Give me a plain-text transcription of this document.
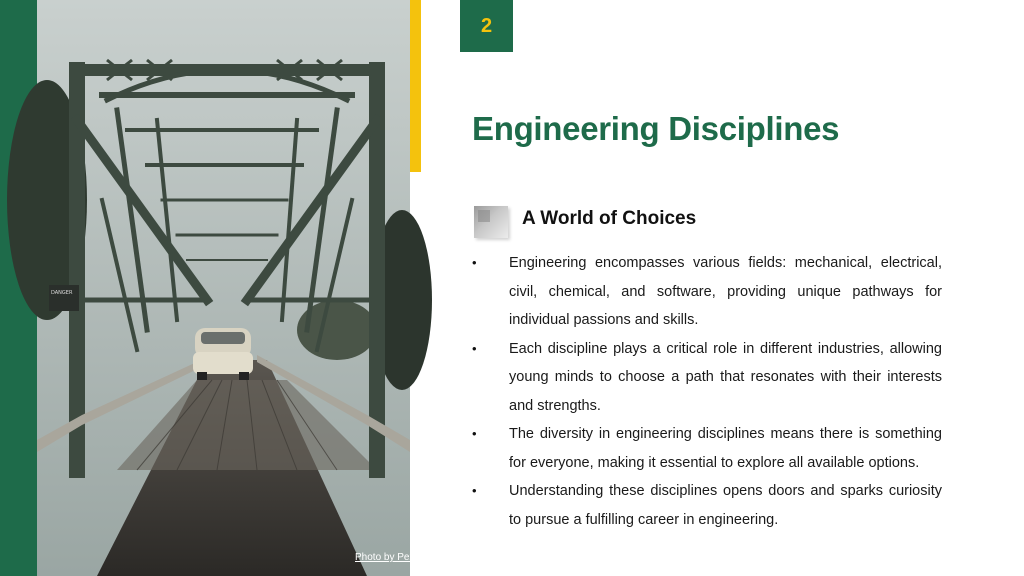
DANGER
Photo by Pexels
2
Engineering Disciplines
A World of Choices
• Engineering encompasses various fields: mechanical, electrical, civil, chemical, and software, providing unique pathways for individual passions and skills.
• Each discipline plays a critical role in different industries, allowing young minds to choose a path that resonates with their interests and strengths.
• The diversity in engineering disciplines means there is something for everyone, making it essential to explore all available options.
• Understanding these disciplines opens doors and sparks curiosity to pursue a fulfilling career in engineering.
